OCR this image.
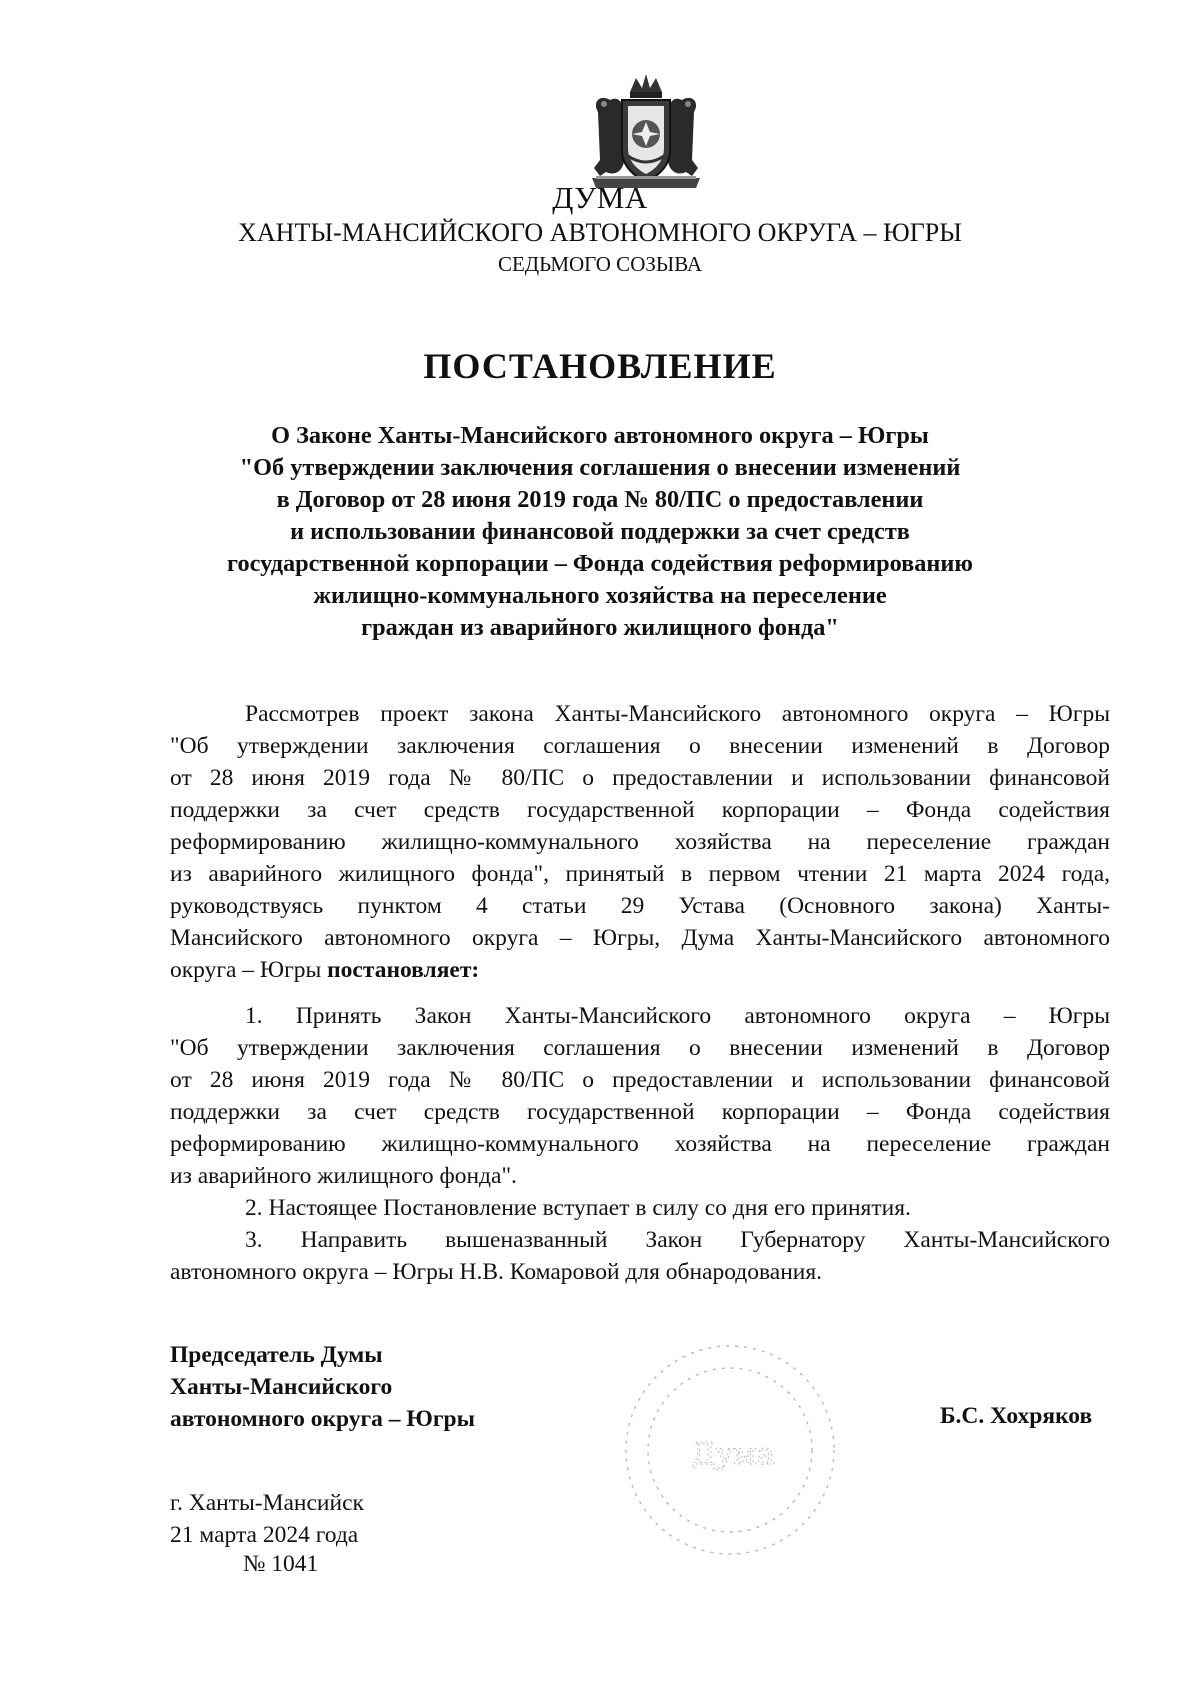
ДУМА
ХАНТЫ-МАНСИЙСКОГО АВТОНОМНОГО ОКРУГА – ЮГРЫ
СЕДЬМОГО СОЗЫВА
ПОСТАНОВЛЕНИЕ
О Законе Ханты-Мансийского автономного округа – Югры
"Об утверждении заключения соглашения о внесении изменений
в Договор от 28 июня 2019 года № 80/ПС о предоставлении
и использовании финансовой поддержки за счет средств
государственной корпорации – Фонда содействия реформированию
жилищно-коммунального хозяйства на переселение
граждан из аварийного жилищного фонда"
Рассмотрев проект закона Ханты-Мансийского автономного округа – Югры
"Об утверждении заключения соглашения о внесении изменений в Договор
от 28 июня 2019 года № 80/ПС о предоставлении и использовании финансовой
поддержки за счет средств государственной корпорации – Фонда содействия
реформированию жилищно-коммунального хозяйства на переселение граждан
из аварийного жилищного фонда", принятый в первом чтении 21 марта 2024 года,
руководствуясь пунктом 4 статьи 29 Устава (Основного закона) Ханты-
Мансийского автономного округа – Югры, Дума Ханты-Мансийского автономного
округа – Югры постановляет:
1. Принять Закон Ханты-Мансийского автономного округа – Югры
"Об утверждении заключения соглашения о внесении изменений в Договор
от 28 июня 2019 года № 80/ПС о предоставлении и использовании финансовой
поддержки за счет средств государственной корпорации – Фонда содействия
реформированию жилищно-коммунального хозяйства на переселение граждан
из аварийного жилищного фонда".
2. Настоящее Постановление вступает в силу со дня его принятия.
3. Направить вышеназванный Закон Губернатору Ханты-Мансийского
автономного округа – Югры Н.В. Комаровой для обнародования.
Председатель Думы
Ханты-Мансийского
автономного округа – Югры	Б.С. Хохряков
Дума
г. Ханты-Мансийск
21 марта 2024 года
№ 1041
